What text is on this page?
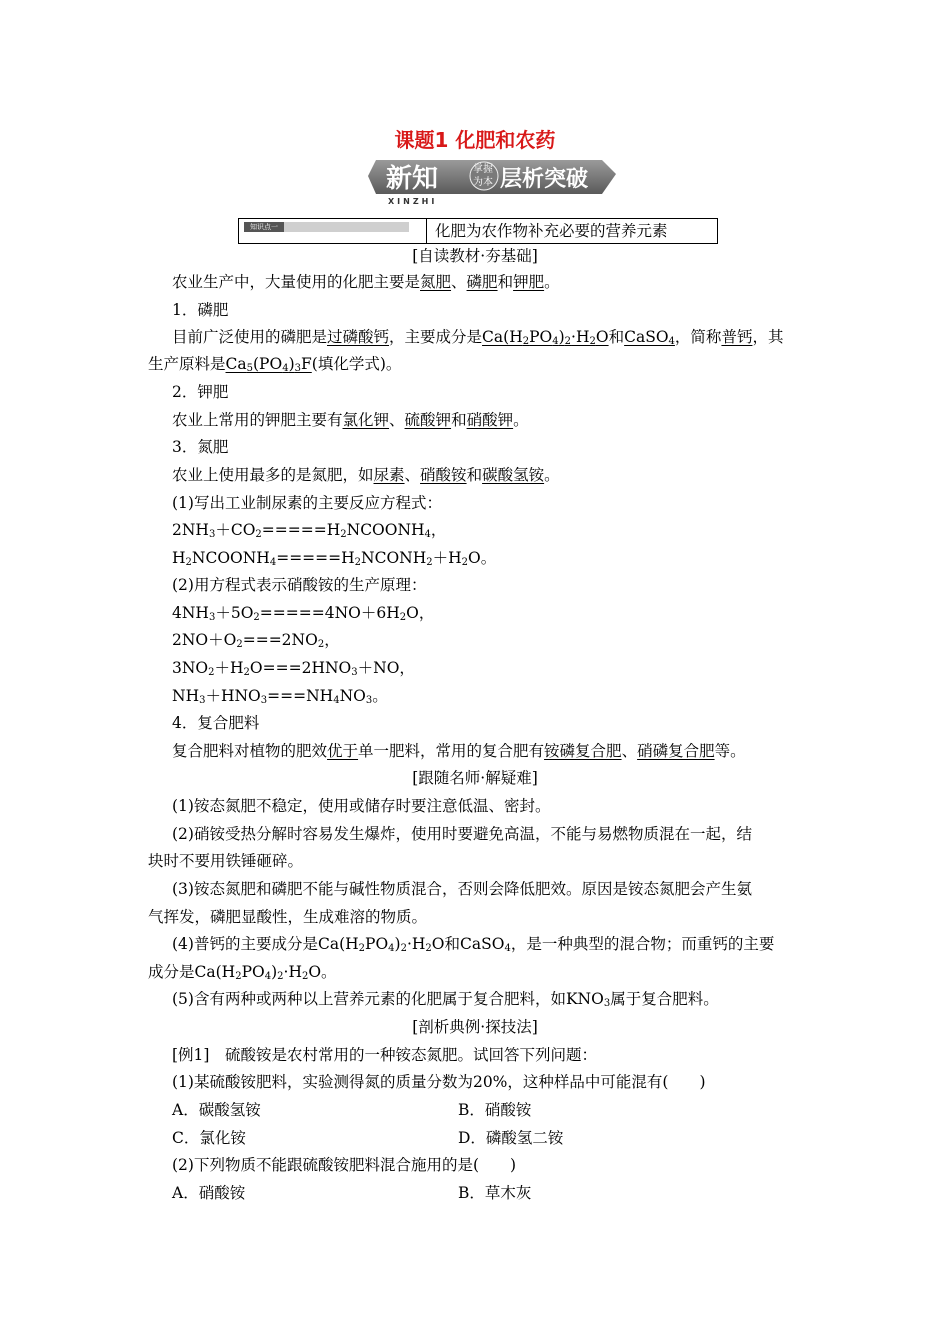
课题1 化肥和农药
新知	掌握
为本 层析突破
XINZHI
知识点一	化肥为农作物补充必要的营养元素
[自读教材·夯基础]
农业生产中，大量使用的化肥主要是氮肥、磷肥和钾肥。
1．磷肥
目前广泛使用的磷肥是过磷酸钙，主要成分是$Ca(H_2PO_4)_2\cdot H_2O$和CaSO$_4$，简称普钙，其
生产原料是$Ca_5(PO_4)_3F$(填化学式)。
2．钾肥
农业上常用的钾肥主要有氯化钾、硫酸钾和硝酸钾。
3．氮肥
农业上使用最多的是氮肥，如尿素、硝酸铵和碳酸氢铵。
(1)写出工业制尿素的主要反应方程式：
$2NH_3+CO_2=====H_2NCOONH_4$，
$H_2NCOONH_4=====H_2NCONH_2+H_2O$。
(2)用方程式表示硝酸铵的生产原理：
$4NH_3+5O_2=====4NO+6H_2O$，
$2NO+O_2===2NO_2$，
$3NO_2+H_2O===2HNO_3+NO$，
$NH_3+HNO_3===NH_4NO_3$。
4．复合肥料
复合肥料对植物的肥效优于单一肥料，常用的复合肥有铵磷复合肥、硝磷复合肥等。
[跟随名师·解疑难]
(1)铵态氮肥不稳定，使用或储存时要注意低温、密封。
(2)硝铵受热分解时容易发生爆炸，使用时要避免高温，不能与易燃物质混在一起，结
块时不要用铁锤砸碎。
(3)铵态氮肥和磷肥不能与碱性物质混合，否则会降低肥效。原因是铵态氮肥会产生氨
气挥发，磷肥显酸性，生成难溶的物质。
(4)普钙的主要成分是$Ca(H_2PO_4)_2\cdot H_2O$和CaSO$_4$，是一种典型的混合物；而重钙的主要
成分是$Ca(H_2PO_4)_2\cdot H_2O$。
(5)含有两种或两种以上营养元素的化肥属于复合肥料，如$KNO_3$属于复合肥料。
[剖析典例·探技法]
[例1]　硫酸铵是农村常用的一种铵态氮肥。试回答下列问题：
(1)某硫酸铵肥料，实验测得氮的质量分数为20%，这种样品中可能混有(　　)
A．碳酸氢铵	B．硝酸铵
C．氯化铵	D．磷酸氢二铵
(2)下列物质不能跟硫酸铵肥料混合施用的是(　　)
A．硝酸铵	B．草木灰
